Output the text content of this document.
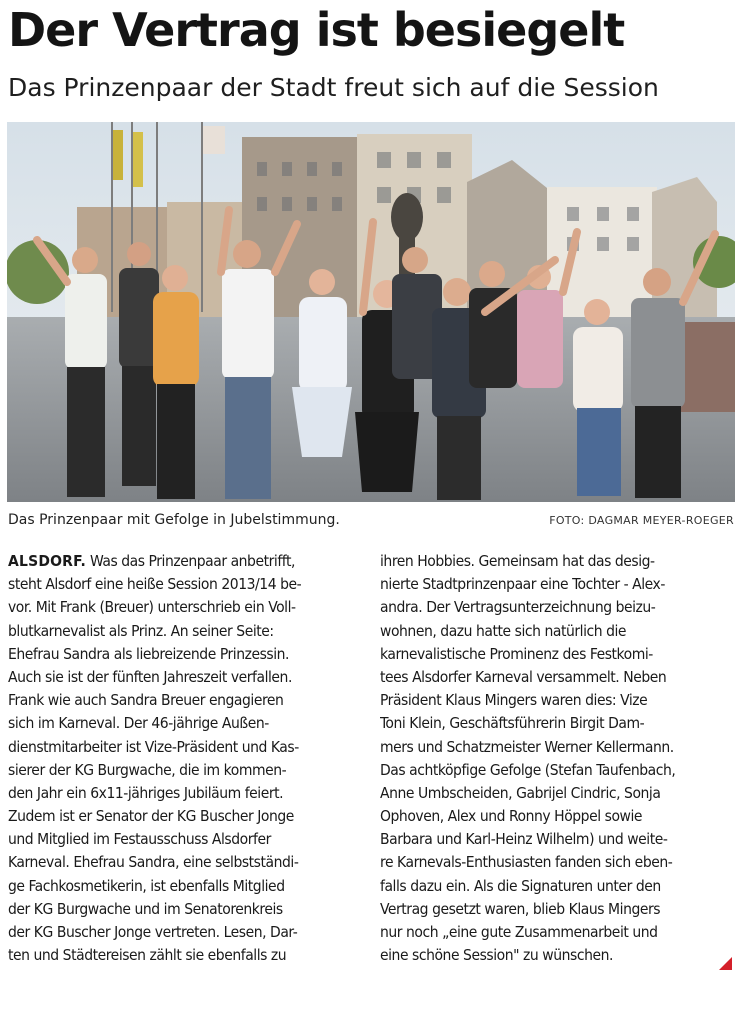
Der Vertrag ist besiegelt
Das Prinzenpaar der Stadt freut sich auf die Session
Das Prinzenpaar mit Gefolge in Jubelstimmung.	FOTO: DAGMAR MEYER-ROEGER
ALSDORF. Was das Prinzenpaar anbetrifft,
steht Alsdorf eine heiße Session 2013/14 be-
vor. Mit Frank (Breuer) unterschrieb ein Voll-
blutkarnevalist als Prinz. An seiner Seite:
Ehefrau Sandra als liebreizende Prinzessin.
Auch sie ist der fünften Jahreszeit verfallen.
Frank wie auch Sandra Breuer engagieren
sich im Karneval. Der 46-jährige Außen-
dienstmitarbeiter ist Vize-Präsident und Kas-
sierer der KG Burgwache, die im kommen-
den Jahr ein 6x11-jähriges Jubiläum feiert.
Zudem ist er Senator der KG Buscher Jonge
und Mitglied im Festausschuss Alsdorfer
Karneval. Ehefrau Sandra, eine selbstständi-
ge Fachkosmetikerin, ist ebenfalls Mitglied
der KG Burgwache und im Senatorenkreis
der KG Buscher Jonge vertreten. Lesen, Dar-
ten und Städtereisen zählt sie ebenfalls zu
ihren Hobbies. Gemeinsam hat das desig-
nierte Stadtprinzenpaar eine Tochter - Alex-
andra. Der Vertragsunterzeichnung beizu-
wohnen, dazu hatte sich natürlich die
karnevalistische Prominenz des Festkomi-
tees Alsdorfer Karneval versammelt. Neben
Präsident Klaus Mingers waren dies: Vize
Toni Klein, Geschäftsführerin Birgit Dam-
mers und Schatzmeister Werner Kellermann.
Das achtköpfige Gefolge (Stefan Taufenbach,
Anne Umbscheiden, Gabrijel Cindric, Sonja
Ophoven, Alex und Ronny Höppel sowie
Barbara und Karl-Heinz Wilhelm) und weite-
re Karnevals-Enthusiasten fanden sich eben-
falls dazu ein. Als die Signaturen unter den
Vertrag gesetzt waren, blieb Klaus Mingers
nur noch „eine gute Zusammenarbeit und
eine schöne Session" zu wünschen.
